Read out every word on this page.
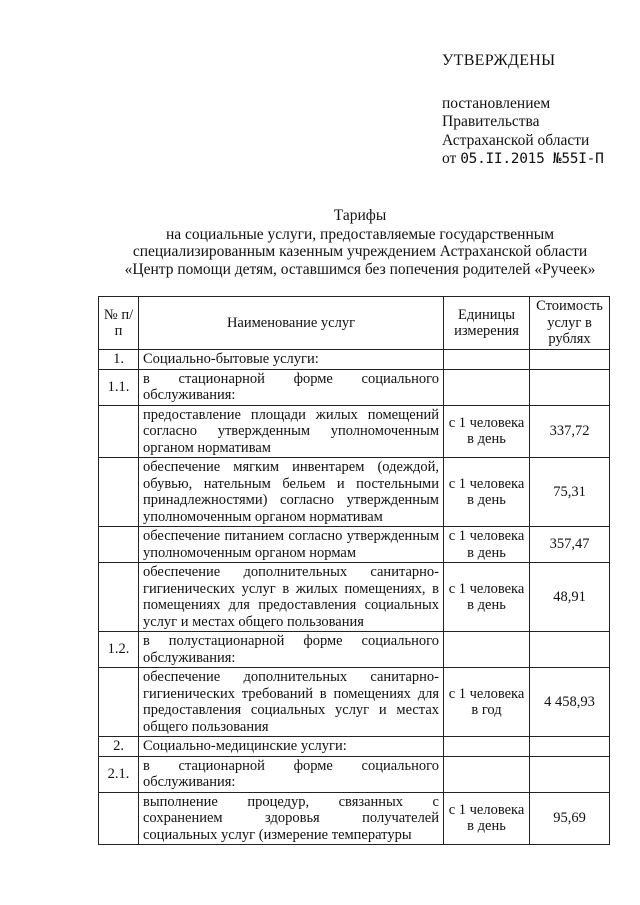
УТВЕРЖДЕНЫ
постановлением
Правительства
Астраханской области
от 05.II.2015 №55I-П
Тарифы
на социальные услуги, предоставляемые государственным
специализированным казенным учреждением Астраханской области
«Центр помощи детям, оставшимся без попечения родителей «Ручеек»
№ п/п	Наименование услуг	Единицы измерения	Стоимость услуг в рублях
1.	Социально-бытовые услуги:		
1.1.	в стационарной форме социального обслуживания:		
	предоставление площади жилых помещений согласно утвержденным уполномоченным органом нормативам	с 1 человека в день	337,72
	обеспечение мягким инвентарем (одеждой, обувью, нательным бельем и постельными принадлежностями) согласно утвержденным уполномоченным органом нормативам	с 1 человека в день	75,31
	обеспечение питанием согласно утвержденным уполномоченным органом нормам	с 1 человека в день	357,47
	обеспечение дополнительных санитарно-гигиенических услуг в жилых помещениях, в помещениях для предоставления социальных услуг и местах общего пользования	с 1 человека в день	48,91
1.2.	в полустационарной форме социального обслуживания:		
	обеспечение дополнительных санитарно-гигиенических требований в помещениях для предоставления социальных услуг и местах общего пользования	с 1 человека в год	4 458,93
2.	Социально-медицинские услуги:		
2.1.	в стационарной форме социального обслуживания:		
	выполнение процедур, связанных с сохранением здоровья получателей социальных услуг (измерение температуры	с 1 человека в день	95,69
